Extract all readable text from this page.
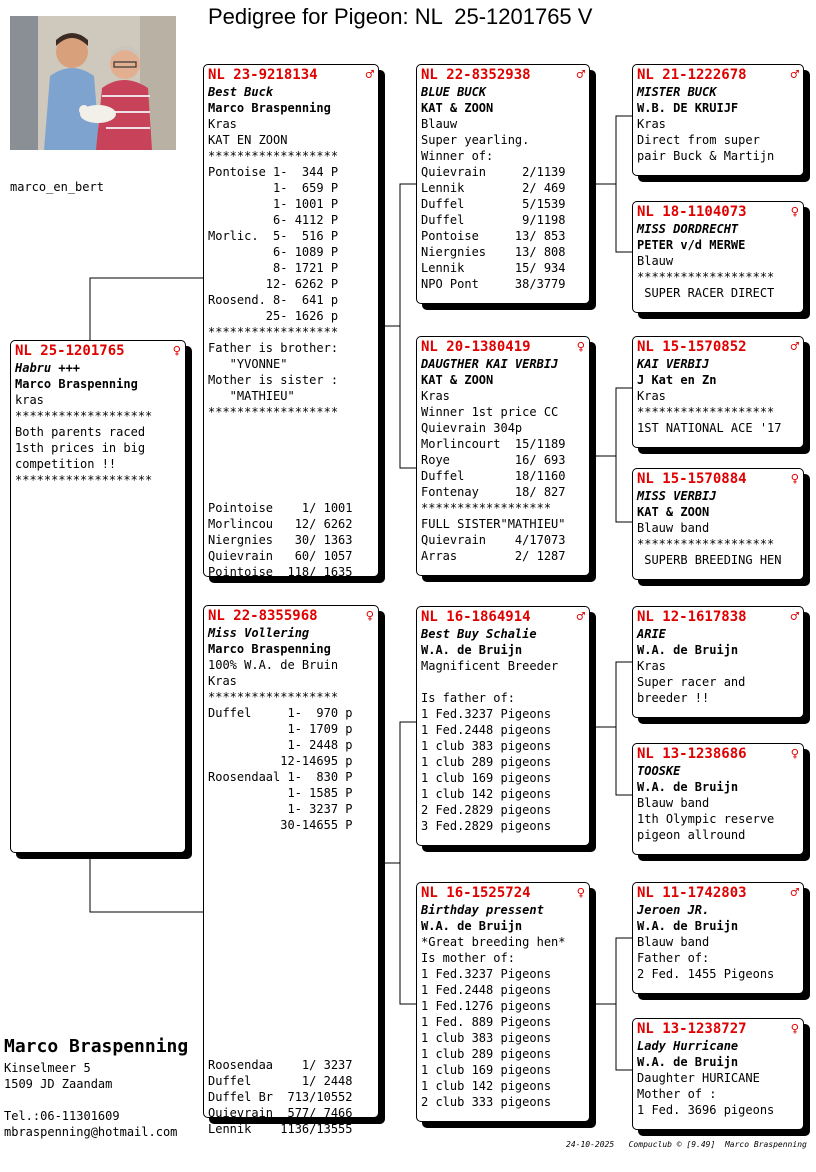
Pedigree for Pigeon: NL  25-1201765 V
marco_en_bert
NL 25-1201765	♀
Habru +++
Marco Braspenning
kras
*******************
Both parents raced
1sth prices in big
competition !!
*******************
NL 23-9218134	♂
Best Buck
Marco Braspenning
Kras
KAT EN ZOON
******************
Pontoise 1-  344 P
1-  659 P
1- 1001 P
6- 4112 P
Morlic.  5-  516 P
6- 1089 P
8- 1721 P
12- 6262 P
Roosend. 8-  641 p
25- 1626 p
******************
Father is brother:
"YVONNE"
Mother is sister :
"MATHIEU"
******************
Pointoise    1/ 1001
Morlincou   12/ 6262
Niergnies   30/ 1363
Quievrain   60/ 1057
Pointoise  118/ 1635
NL 22-8355968	♀
Miss Vollering
Marco Braspenning
100% W.A. de Bruin
Kras
******************
Duffel     1-  970 p
1- 1709 p
1- 2448 p
12-14695 p
Roosendaal 1-  830 P
1- 1585 P
1- 3237 P
30-14655 P
Roosendaa    1/ 3237
Duffel       1/ 2448
Duffel Br  713/10552
Quievrain  577/ 7466
Lennik    1136/13555
NL 22-8352938	♂
BLUE BUCK
KAT & ZOON
Blauw
Super yearling.
Winner of:
Quievrain     2/1139
Lennik        2/ 469
Duffel        5/1539
Duffel        9/1198
Pontoise     13/ 853
Niergnies    13/ 808
Lennik       15/ 934
NPO Pont     38/3779
NL 20-1380419	♀
DAUGTHER KAI VERBIJ
KAT & ZOON
Kras
Winner 1st price CC
Quievrain 304p
Morlincourt  15/1189
Roye         16/ 693
Duffel       18/1160
Fontenay     18/ 827
******************
FULL SISTER"MATHIEU"
Quievrain    4/17073
Arras        2/ 1287
NL 16-1864914	♂
Best Buy Schalie
W.A. de Bruijn
Magnificent Breeder
Is father of:
1 Fed.3237 Pigeons
1 Fed.2448 pigeons
1 club 383 pigeons
1 club 289 pigeons
1 club 169 pigeons
1 club 142 pigeons
2 Fed.2829 pigeons
3 Fed.2829 pigeons
NL 16-1525724	♀
Birthday pressent
W.A. de Bruijn
*Great breeding hen*
Is mother of:
1 Fed.3237 Pigeons
1 Fed.2448 pigeons
1 Fed.1276 pigeons
1 Fed. 889 Pigeons
1 club 383 pigeons
1 club 289 pigeons
1 club 169 pigeons
1 club 142 pigeons
2 club 333 pigeons
NL 21-1222678	♂
MISTER BUCK
W.B. DE KRUIJF
Kras
Direct from super
pair Buck & Martijn
NL 18-1104073	♀
MISS DORDRECHT
PETER v/d MERWE
Blauw
*******************
SUPER RACER DIRECT
NL 15-1570852	♂
KAI VERBIJ
J Kat en Zn
Kras
*******************
1ST NATIONAL ACE '17
NL 15-1570884	♀
MISS VERBIJ
KAT & ZOON
Blauw band
*******************
SUPERB BREEDING HEN
NL 12-1617838	♂
ARIE
W.A. de Bruijn
Kras
Super racer and
breeder !!
NL 13-1238686	♀
TOOSKE
W.A. de Bruijn
Blauw band
1th Olympic reserve
pigeon allround
NL 11-1742803	♂
Jeroen JR.
W.A. de Bruijn
Blauw band
Father of:
2 Fed. 1455 Pigeons
NL 13-1238727	♀
Lady Hurricane
W.A. de Bruijn
Daughter HURICANE
Mother of :
1 Fed. 3696 pigeons
Marco Braspenning
Kinselmeer 5
1509 JD Zaandam
Tel.:06-11301609
mbraspenning@hotmail.com
24-10-2025   Compuclub © [9.49]  Marco Braspenning
